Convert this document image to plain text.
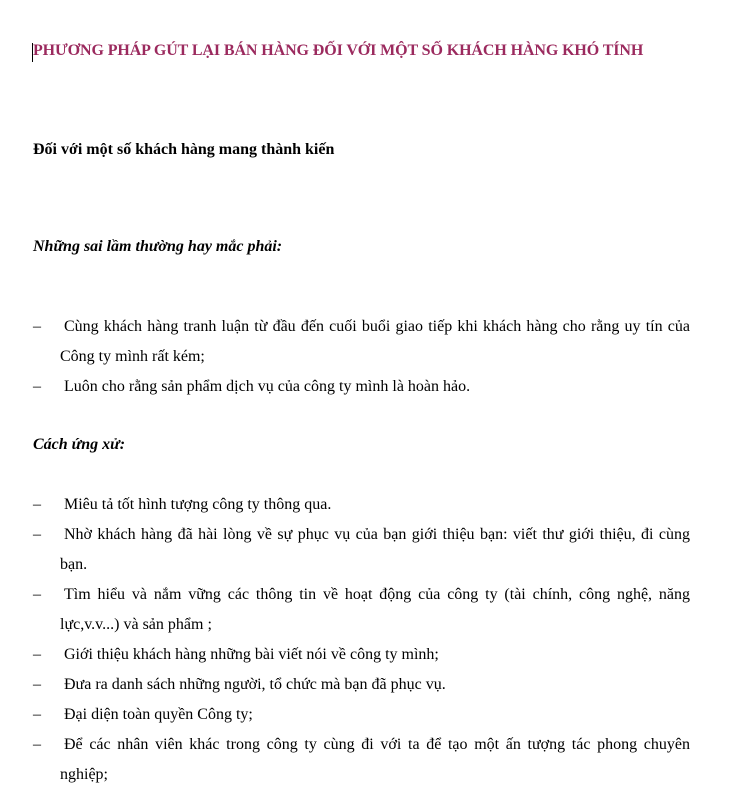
PHƯƠNG PHÁP GÚT LẠI BÁN HÀNG ĐỐI VỚI MỘT SỐ KHÁCH HÀNG KHÓ TÍNH
Đối với một số khách hàng mang thành kiến
Những sai lầm thường hay mắc phải:
– Cùng khách hàng tranh luận từ đầu đến cuối buổi giao tiếp khi khách hàng cho rằng uy tín của Công ty mình rất kém;
– Luôn cho rằng sản phẩm dịch vụ của công ty mình là hoàn hảo.
Cách ứng xử:
– Miêu tả tốt hình tượng công ty thông qua.
– Nhờ khách hàng đã hài lòng về sự phục vụ của bạn giới thiệu bạn: viết thư giới thiệu, đi cùng bạn.
– Tìm hiểu và nắm vững các thông tin về hoạt động của công ty (tài chính, công nghệ, năng lực,v.v...) và sản phẩm ;
– Giới thiệu khách hàng những bài viết nói về công ty mình;
– Đưa ra danh sách những người, tổ chức mà bạn đã phục vụ.
– Đại diện toàn quyền Công ty;
– Để các nhân viên khác trong công ty cùng đi với ta để tạo một ấn tượng tác phong chuyên nghiệp;
